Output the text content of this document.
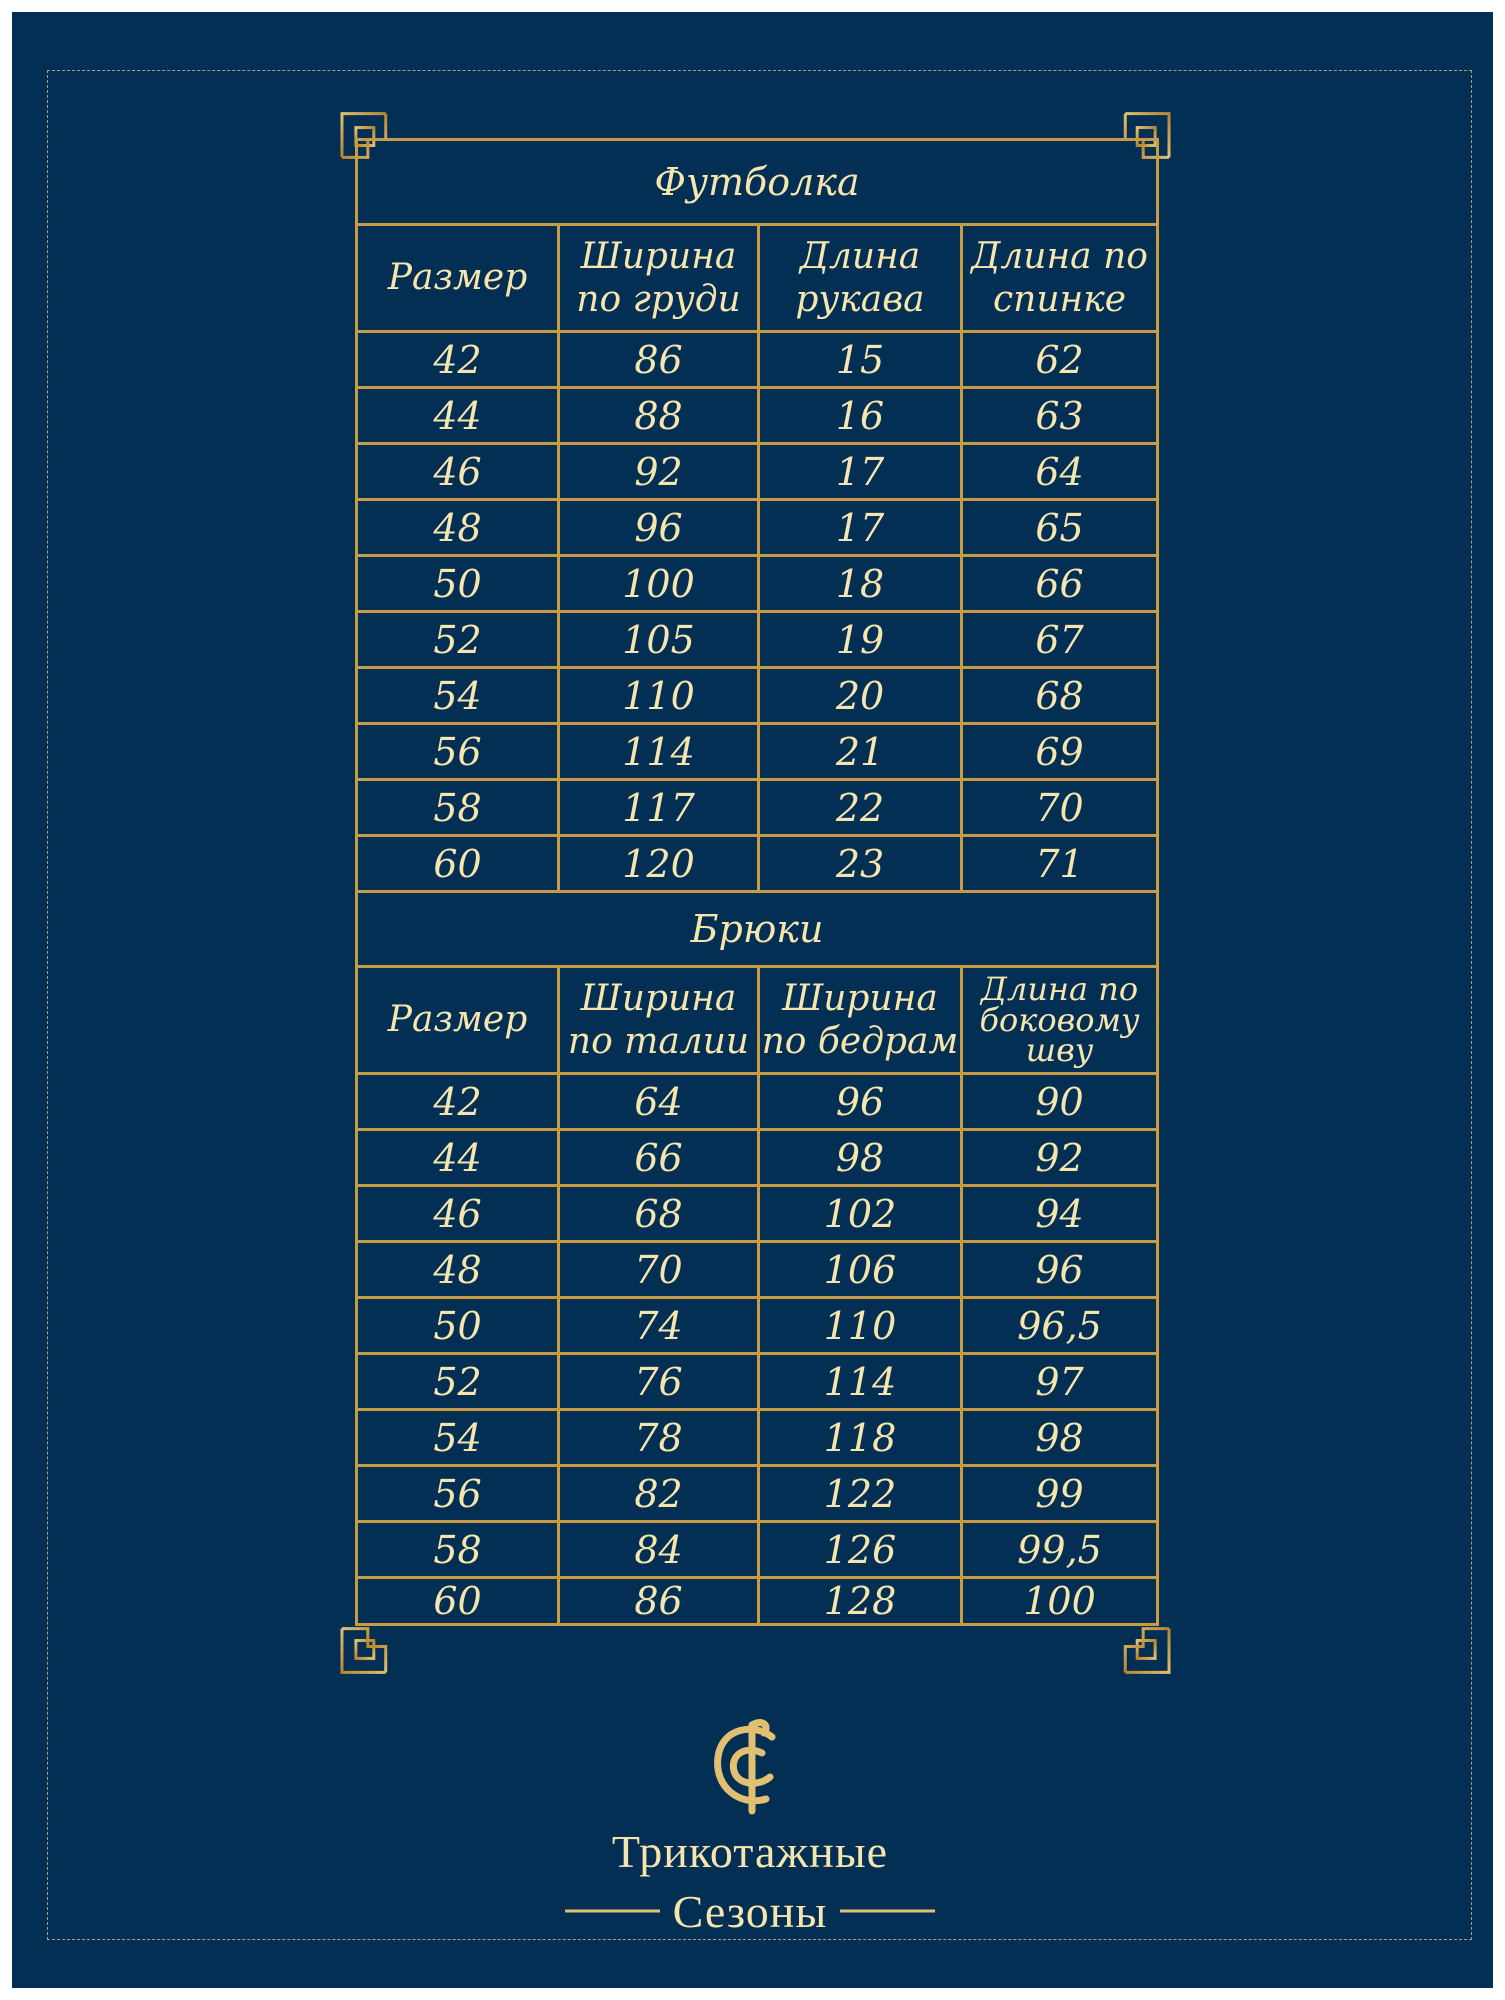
Футболка			
Размер	Ширина по груди	Длина рукава	Длина по спинке
42	86	15	62
44	88	16	63
46	92	17	64
48	96	17	65
50	100	18	66
52	105	19	67
54	110	20	68
56	114	21	69
58	117	22	70
60	120	23	71
Брюки			
Размер	Ширина по талии	Ширина по бедрам	Длина по боковому шву
42	64	96	90
44	66	98	92
46	68	102	94
48	70	106	96
50	74	110	96,5
52	76	114	97
54	78	118	98
56	82	122	99
58	84	126	99,5
60	86	128	100
Трикотажные
Сезоны
